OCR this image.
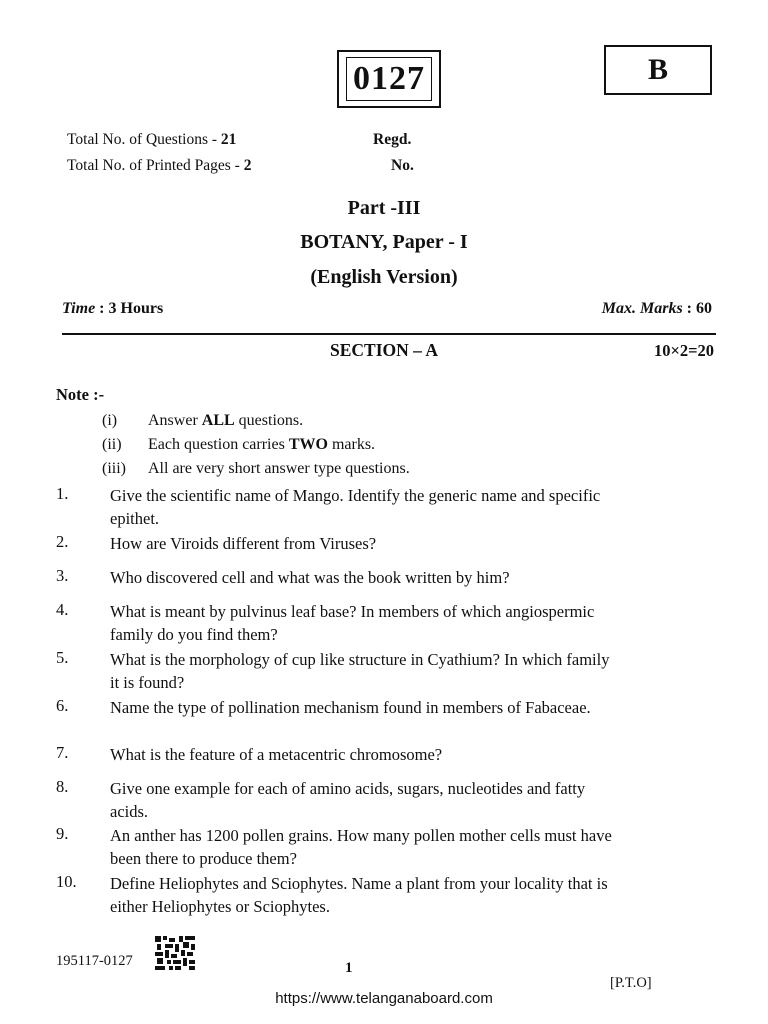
0127	B
Total No. of Questions - 21
Total No. of Printed Pages - 2
Regd.
No.
Part -III
BOTANY, Paper - I
(English Version)
Time : 3 Hours	Max. Marks : 60
SECTION – A	10×2=20
Note :-
(i) Answer ALL questions.
(ii) Each question carries TWO marks.
(iii) All are very short answer type questions.
1.	Give the scientific name of Mango. Identify the generic name and specific epithet.
2.	How are Viroids different from Viruses?
3.	Who discovered cell and what was the book written by him?
4.	What is meant by pulvinus leaf base? In members of which angiospermic family do you find them?
5.	What is the morphology of cup like structure in Cyathium? In which family it is found?
6.	Name the type of pollination mechanism found in members of Fabaceae.
7.	What is the feature of a metacentric chromosome?
8.	Give one example for each of amino acids, sugars, nucleotides and fatty acids.
9.	An anther has 1200 pollen grains. How many pollen mother cells must have been there to produce them?
10.	Define Heliophytes and Sciophytes. Name a plant from your locality that is either Heliophytes or Sciophytes.
195117-0127	1
[P.T.O]
https://www.telanganaboard.com
